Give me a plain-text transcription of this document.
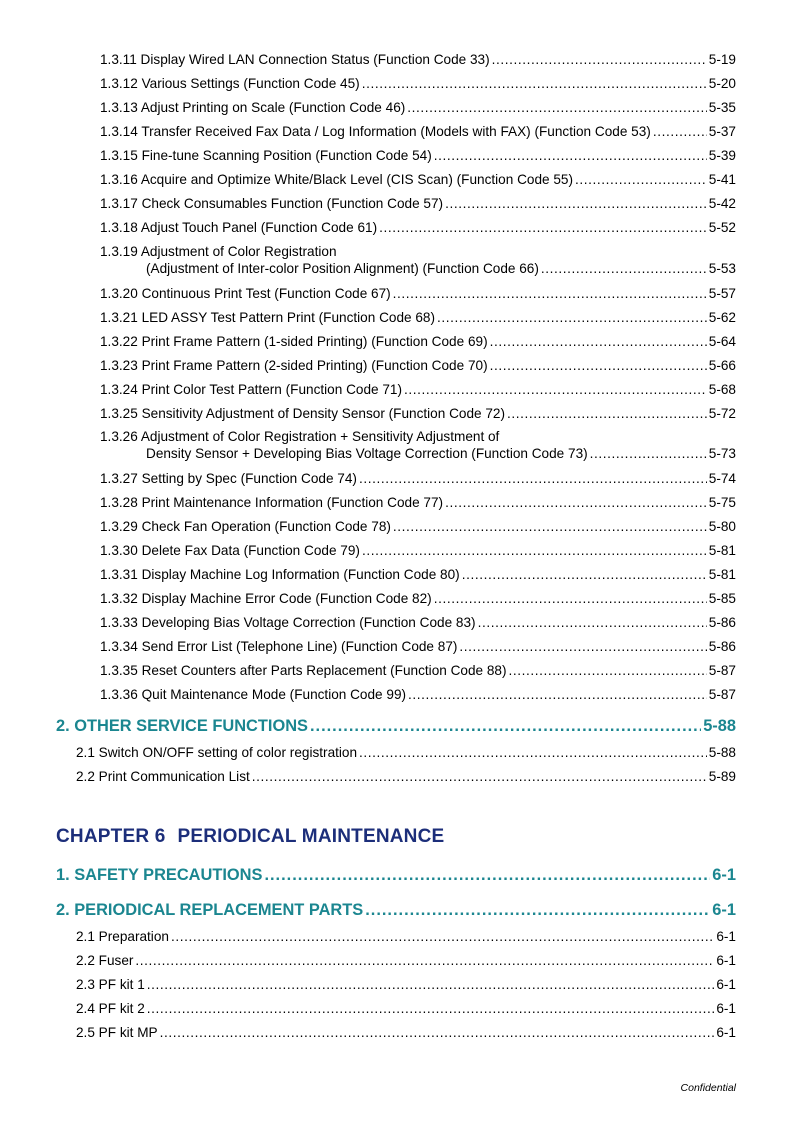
1.3.11 Display Wired LAN Connection Status (Function Code 33) .....	5-19
1.3.12 Various Settings (Function Code 45) .....	5-20
1.3.13 Adjust Printing on Scale (Function Code 46) .....	5-35
1.3.14 Transfer Received Fax Data / Log Information (Models with FAX) (Function Code 53) .....	5-37
1.3.15 Fine-tune Scanning Position (Function Code 54) .....	5-39
1.3.16 Acquire and Optimize White/Black Level (CIS Scan) (Function Code 55) .....	5-41
1.3.17 Check Consumables Function (Function Code 57) .....	5-42
1.3.18 Adjust Touch Panel (Function Code 61) .....	5-52
1.3.19 Adjustment of Color Registration
(Adjustment of Inter-color Position Alignment) (Function Code 66) .....	5-53
1.3.20 Continuous Print Test (Function Code 67) .....	5-57
1.3.21 LED ASSY Test Pattern Print (Function Code 68) .....	5-62
1.3.22 Print Frame Pattern (1-sided Printing) (Function Code 69) .....	5-64
1.3.23 Print Frame Pattern (2-sided Printing) (Function Code 70) .....	5-66
1.3.24 Print Color Test Pattern (Function Code 71) .....	5-68
1.3.25 Sensitivity Adjustment of Density Sensor (Function Code 72) .....	5-72
1.3.26 Adjustment of Color Registration + Sensitivity Adjustment of
Density Sensor + Developing Bias Voltage Correction (Function Code 73) .....	5-73
1.3.27 Setting by Spec (Function Code 74) .....	5-74
1.3.28 Print Maintenance Information (Function Code 77) .....	5-75
1.3.29 Check Fan Operation (Function Code 78) .....	5-80
1.3.30 Delete Fax Data (Function Code 79) .....	5-81
1.3.31 Display Machine Log Information (Function Code 80) .....	5-81
1.3.32 Display Machine Error Code (Function Code 82) .....	5-85
1.3.33 Developing Bias Voltage Correction (Function Code 83) .....	5-86
1.3.34 Send Error List (Telephone Line) (Function Code 87) .....	5-86
1.3.35 Reset Counters after Parts Replacement (Function Code 88) .....	5-87
1.3.36 Quit Maintenance Mode (Function Code 99) .....	5-87
2. OTHER SERVICE FUNCTIONS .....	5-88
2.1 Switch ON/OFF setting of color registration .....	5-88
2.2 Print Communication List .....	5-89
CHAPTER 6 PERIODICAL MAINTENANCE
1. SAFETY PRECAUTIONS .....	6-1
2. PERIODICAL REPLACEMENT PARTS .....	6-1
2.1 Preparation .....	6-1
2.2 Fuser .....	6-1
2.3 PF kit 1 .....	6-1
2.4 PF kit 2 .....	6-1
2.5 PF kit MP .....	6-1
Confidential
